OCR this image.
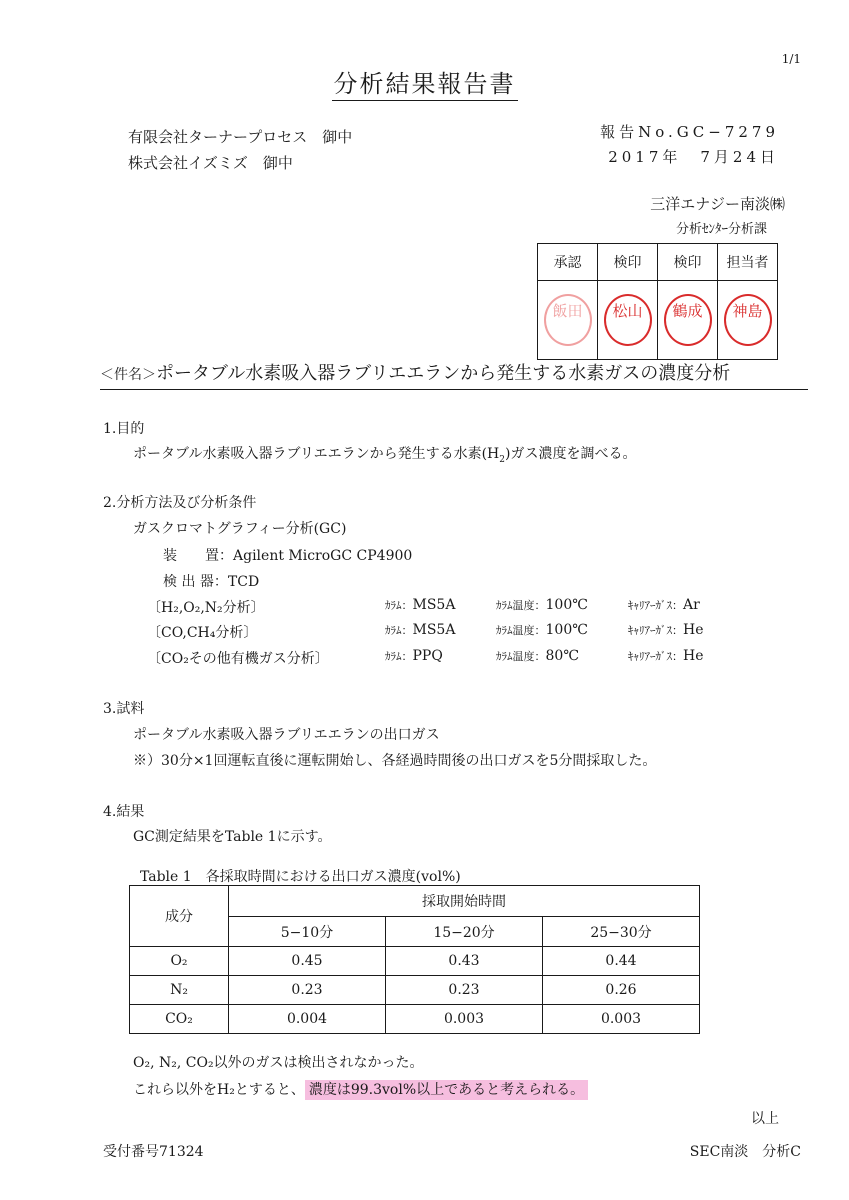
1/1
分析結果報告書
有限会社ターナープロセス　御中
株式会社イズミズ　御中
報告No.GC−7279
2017年　7月24日
三洋エナジー南淡㈱
分析ｾﾝﾀｰ分析課
承認	検印	検印	担当者
飯田	松山	鶴成	神島
＜件名＞ポータブル水素吸入器ラブリエエランから発生する水素ガスの濃度分析
1.目的
ポータブル水素吸入器ラブリエエランから発生する水素$(H_2)$ガス濃度を調べる。
2.分析方法及び分析条件
ガスクロマトグラフィー分析(GC)
装　　置：Agilent MicroGC CP4900
検 出 器：TCD
〔H₂,O₂,N₂分析〕	ｶﾗﾑ：MS5A	ｶﾗﾑ温度：100℃	ｷｬﾘｱｰｶﾞｽ：Ar
〔CO,CH₄分析〕	ｶﾗﾑ：MS5A	ｶﾗﾑ温度：100℃	ｷｬﾘｱｰｶﾞｽ：He
〔CO₂その他有機ガス分析〕	ｶﾗﾑ：PPQ	ｶﾗﾑ温度：80℃	ｷｬﾘｱｰｶﾞｽ：He
3.試料
ポータブル水素吸入器ラブリエエランの出口ガス
※）30分×1回運転直後に運転開始し、各経過時間後の出口ガスを5分間採取した。
4.結果
GC測定結果をTable 1に示す。
Table 1　各採取時間における出口ガス濃度(vol%)
成分	採取開始時間		
	5−10分	15−20分	25−30分
O₂	0.45	0.43	0.44
N₂	0.23	0.23	0.26
CO₂	0.004	0.003	0.003
O₂, N₂, CO₂以外のガスは検出されなかった。
これら以外をH₂とすると、 濃度は99.3vol%以上であると考えられる。
以上
受付番号71324	SEC南淡　分析C
